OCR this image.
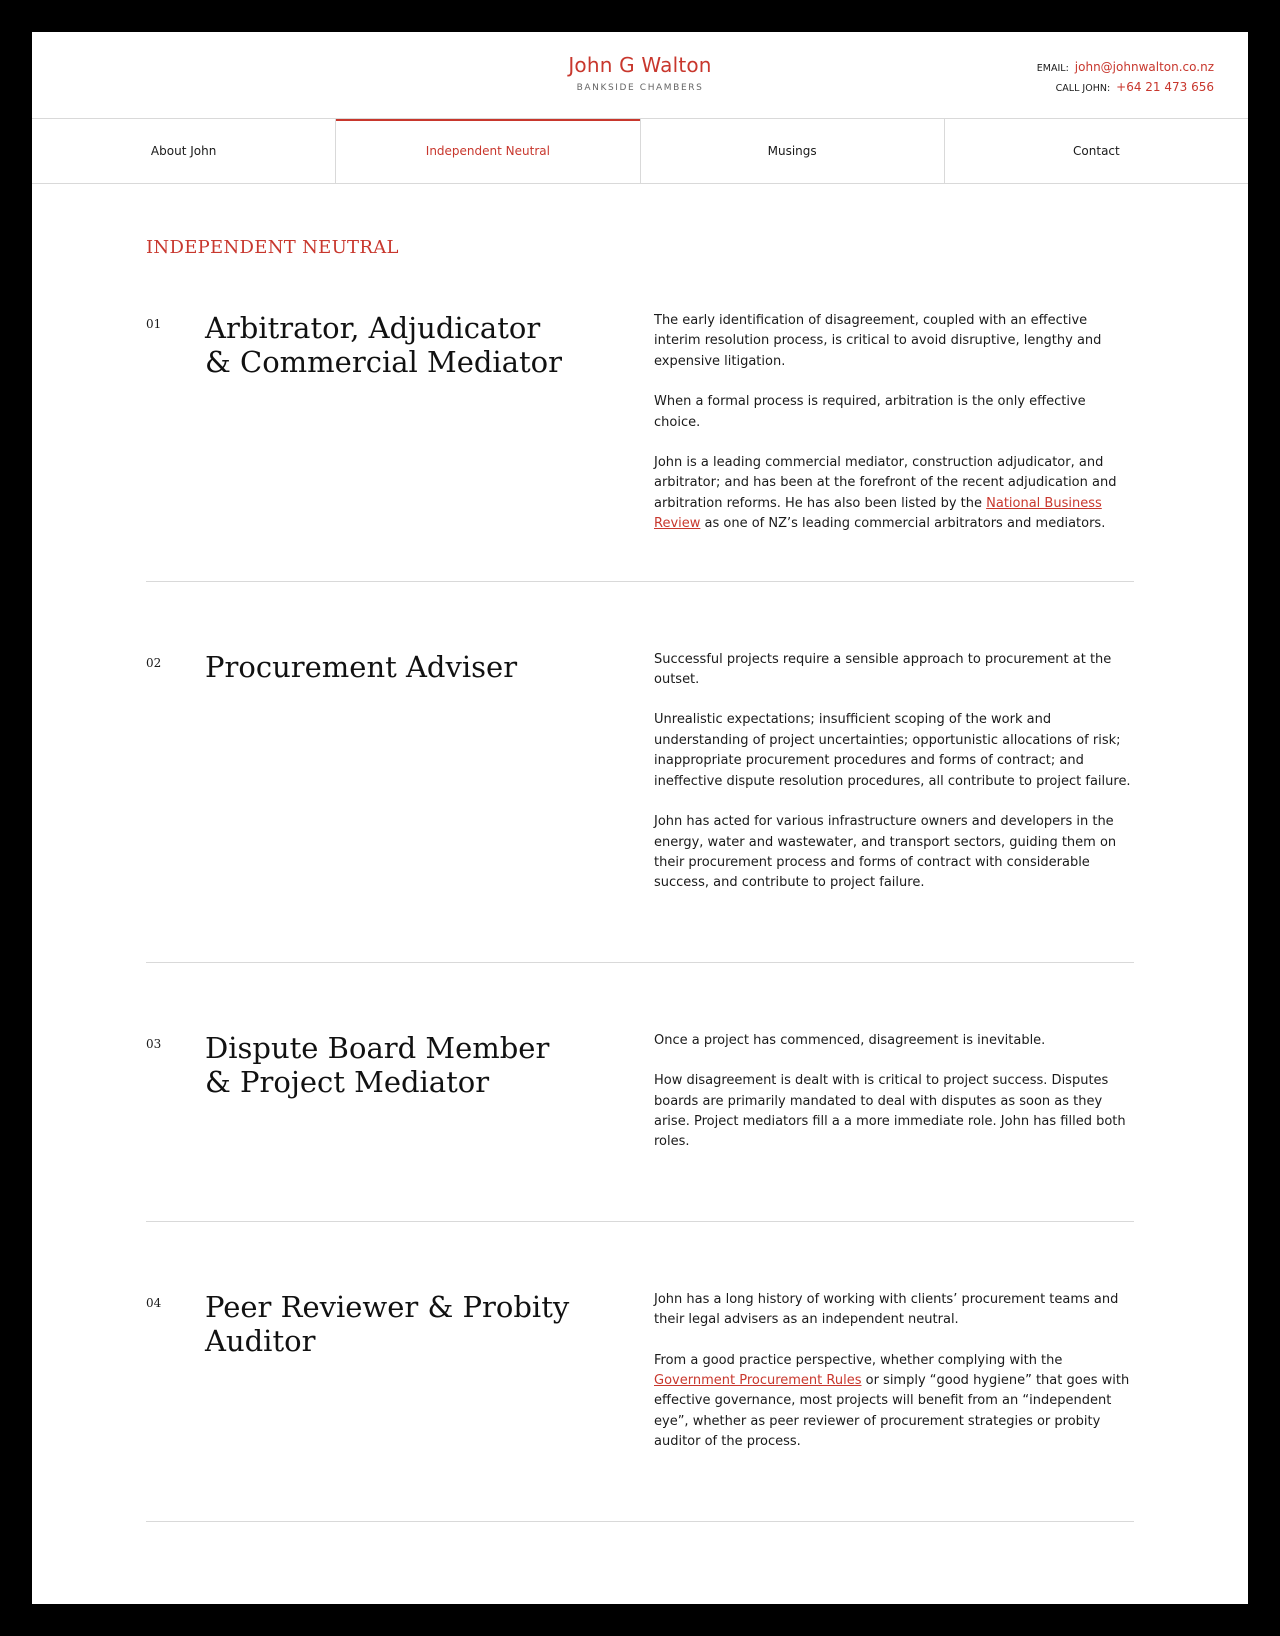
John G Walton
BANKSIDE CHAMBERS
EMAIL: john@johnwalton.co.nz
CALL JOHN: +64 21 473 656
About John	Independent Neutral	Musings	Contact
INDEPENDENT NEUTRAL
01	Arbitrator, Adjudicator
& Commercial Mediator

The early identification of disagreement, coupled with an effective interim resolution process, is critical to avoid disruptive, lengthy and expensive litigation.

When a formal process is required, arbitration is the only effective choice.

John is a leading commercial mediator, construction adjudicator, and arbitrator; and has been at the forefront of the recent adjudication and arbitration reforms. He has also been listed by the National Business Review as one of NZ’s leading commercial arbitrators and mediators.

02	Procurement Adviser	Successful projects require a sensible approach to procurement at the outset.

Unrealistic expectations; insufficient scoping of the work and understanding of project uncertainties; opportunistic allocations of risk; inappropriate procurement procedures and forms of contract; and ineffective dispute resolution procedures, all contribute to project failure.

John has acted for various infrastructure owners and developers in the energy, water and wastewater, and transport sectors, guiding them on their procurement process and forms of contract with considerable success, and contribute to project failure.

03	Dispute Board Member
& Project Mediator

Once a project has commenced, disagreement is inevitable.

How disagreement is dealt with is critical to project success. Disputes boards are primarily mandated to deal with disputes as soon as they arise. Project mediators fill a a more immediate role. John has filled both roles.

04	Peer Reviewer & Probity
Auditor

John has a long history of working with clients’ procurement teams and their legal advisers as an independent neutral.

From a good practice perspective, whether complying with the Government Procurement Rules or simply “good hygiene” that goes with effective governance, most projects will benefit from an “independent eye”, whether as peer reviewer of procurement strategies or probity auditor of the process.
